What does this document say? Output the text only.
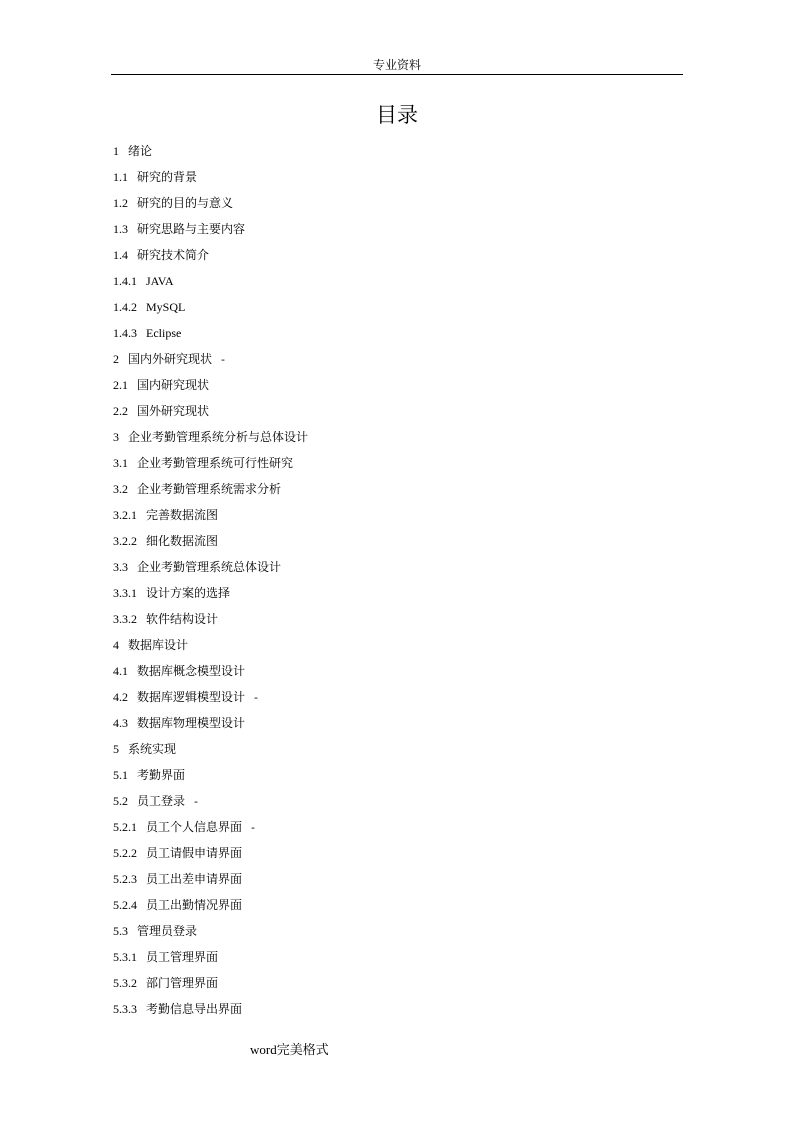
专业资料
目录
1 绪论
1.1 研究的背景
1.2 研究的目的与意义
1.3 研究思路与主要内容
1.4 研究技术简介
1.4.1 JAVA
1.4.2 MySQL
1.4.3 Eclipse
2 国内外研究现状 -
2.1 国内研究现状
2.2 国外研究现状
3 企业考勤管理系统分析与总体设计
3.1 企业考勤管理系统可行性研究
3.2 企业考勤管理系统需求分析
3.2.1 完善数据流图
3.2.2 细化数据流图
3.3 企业考勤管理系统总体设计
3.3.1 设计方案的选择
3.3.2 软件结构设计
4 数据库设计
4.1 数据库概念模型设计
4.2 数据库逻辑模型设计 -
4.3 数据库物理模型设计
5 系统实现
5.1 考勤界面
5.2 员工登录 -
5.2.1 员工个人信息界面 -
5.2.2 员工请假申请界面
5.2.3 员工出差申请界面
5.2.4 员工出勤情况界面
5.3 管理员登录
5.3.1 员工管理界面
5.3.2 部门管理界面
5.3.3 考勤信息导出界面
word完美格式
